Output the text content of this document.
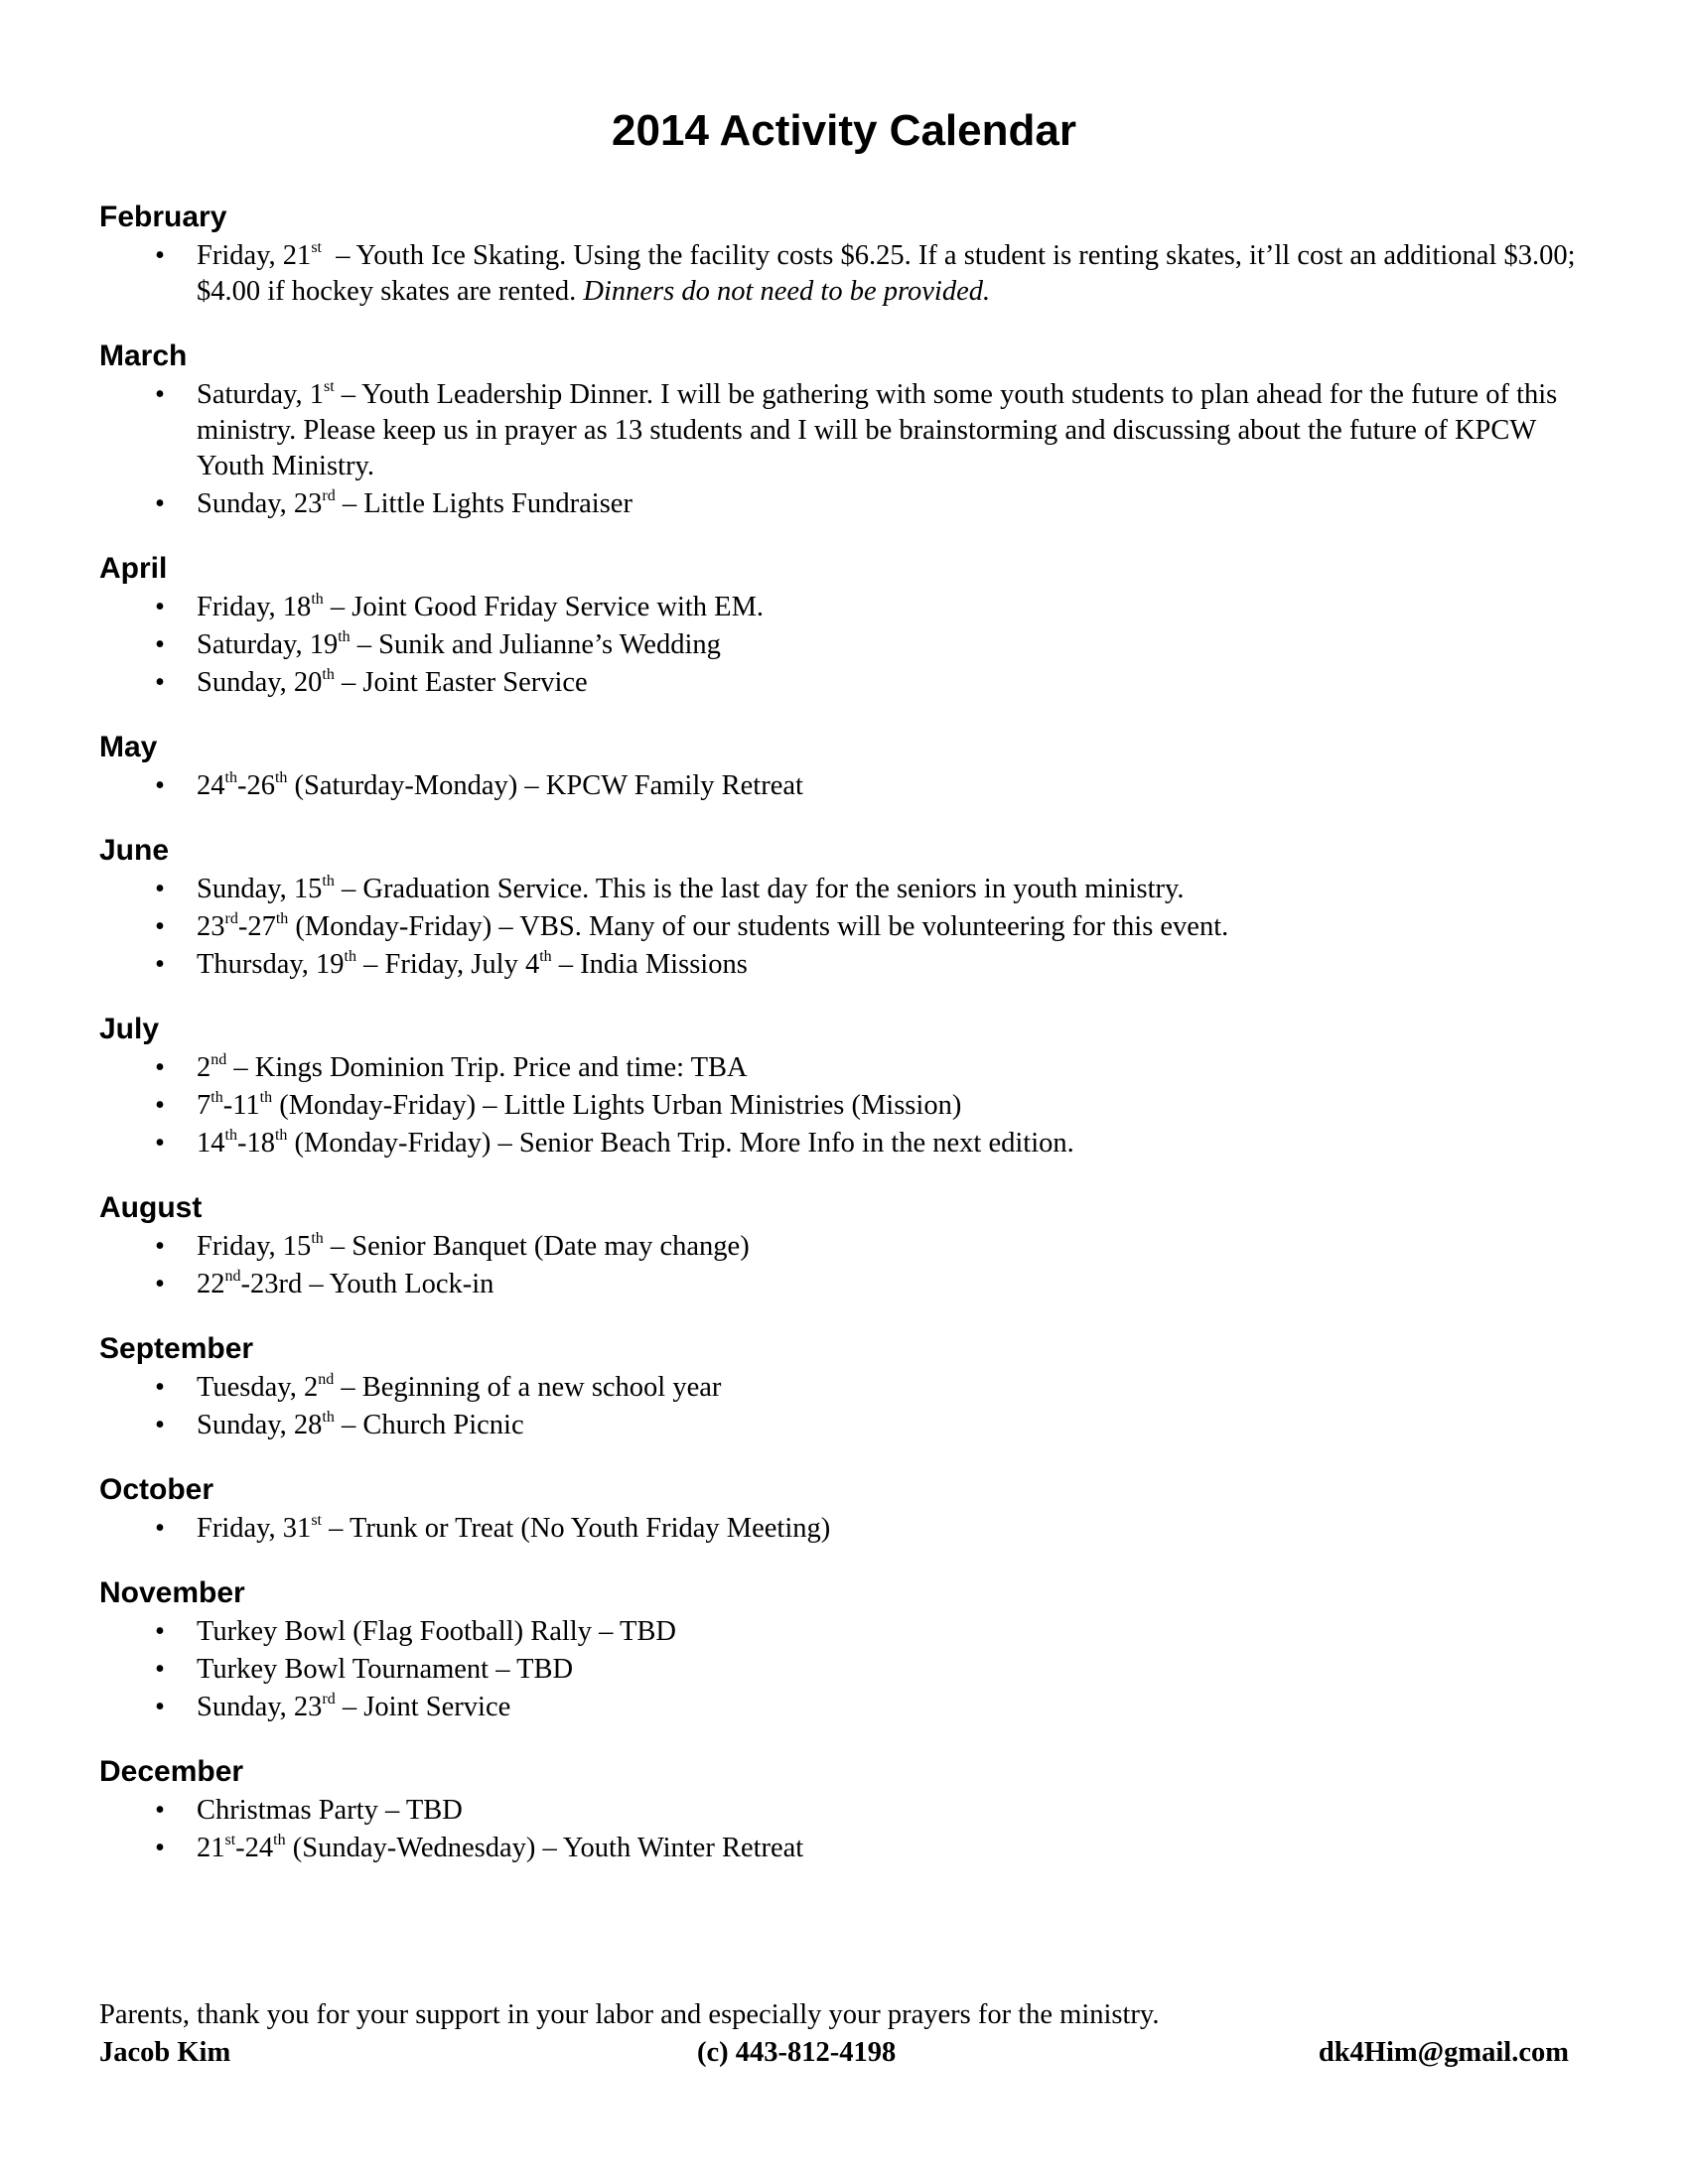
2014 Activity Calendar
February
• Friday, 21st  – Youth Ice Skating. Using the facility costs $6.25. If a student is renting skates, it’ll cost an additional $3.00; $4.00 if hockey skates are rented. Dinners do not need to be provided.
March
• Saturday, 1st – Youth Leadership Dinner. I will be gathering with some youth students to plan ahead for the future of this ministry. Please keep us in prayer as 13 students and I will be brainstorming and discussing about the future of KPCW Youth Ministry.
• Sunday, 23rd – Little Lights Fundraiser
April
• Friday, 18th – Joint Good Friday Service with EM.
• Saturday, 19th – Sunik and Julianne’s Wedding
• Sunday, 20th – Joint Easter Service
May
• 24th-26th (Saturday-Monday) – KPCW Family Retreat
June
• Sunday, 15th – Graduation Service. This is the last day for the seniors in youth ministry.
• 23rd-27th (Monday-Friday) – VBS. Many of our students will be volunteering for this event.
• Thursday, 19th – Friday, July 4th – India Missions
July
• 2nd – Kings Dominion Trip. Price and time: TBA
• 7th-11th (Monday-Friday) – Little Lights Urban Ministries (Mission)
• 14th-18th (Monday-Friday) – Senior Beach Trip. More Info in the next edition.
August
• Friday, 15th – Senior Banquet (Date may change)
• 22nd-23rd – Youth Lock-in
September
• Tuesday, 2nd – Beginning of a new school year
• Sunday, 28th – Church Picnic
October
• Friday, 31st – Trunk or Treat (No Youth Friday Meeting)
November
• Turkey Bowl (Flag Football) Rally – TBD
• Turkey Bowl Tournament – TBD
• Sunday, 23rd – Joint Service
December
• Christmas Party – TBD
• 21st-24th (Sunday-Wednesday) – Youth Winter Retreat

Parents, thank you for your support in your labor and especially your prayers for the ministry.

Jacob Kim	(c) 443-812-4198	dk4Him@gmail.com
